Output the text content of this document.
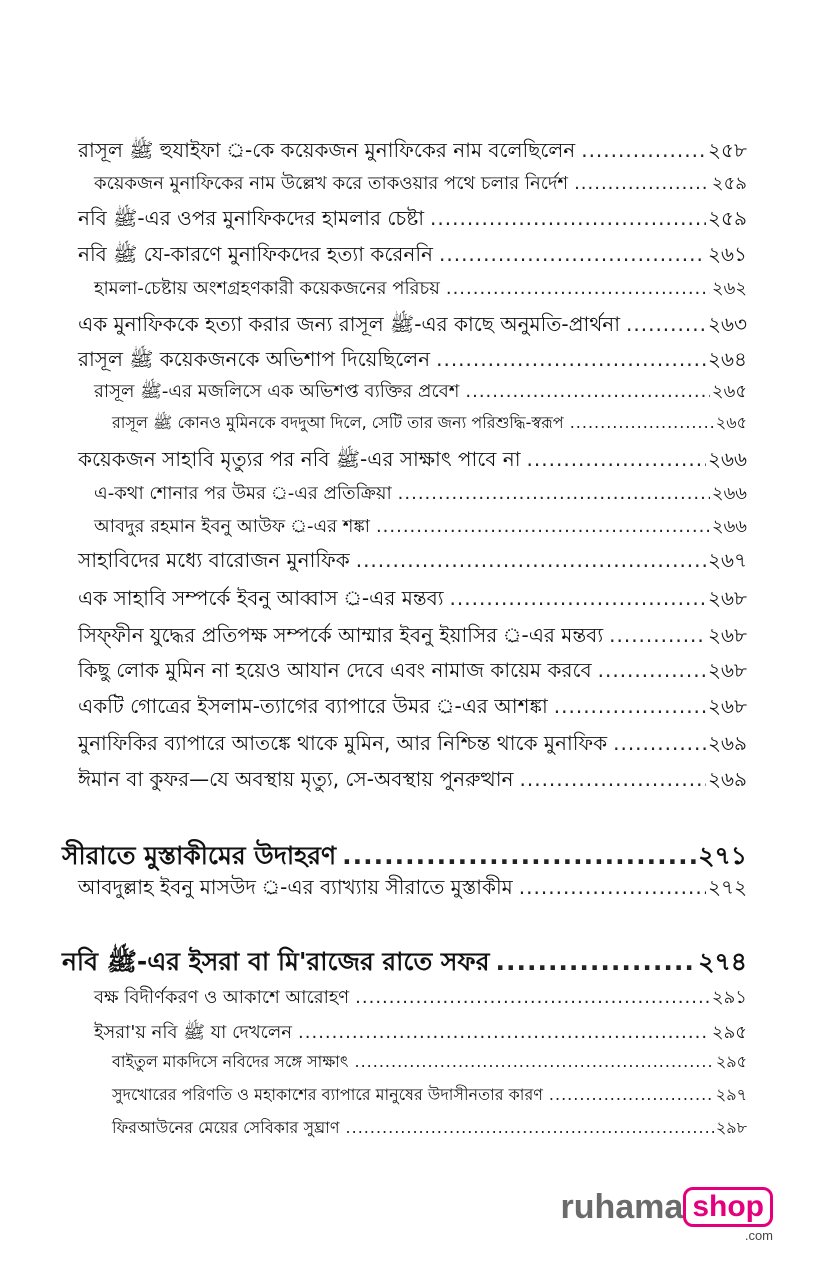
রাসূল ﷺ হুযাইফা ্র-কে কয়েকজন মুনাফিকের নাম বলেছিলেন .....	২৫৮
কয়েকজন মুনাফিকের নাম উল্লেখ করে তাকওয়ার পথে চলার নির্দেশ .....	২৫৯
নবি ﷺ-এর ওপর মুনাফিকদের হামলার চেষ্টা .....	২৫৯
নবি ﷺ যে-কারণে মুনাফিকদের হত্যা করেননি .....	২৬১
হামলা-চেষ্টায় অংশগ্রহণকারী কয়েকজনের পরিচয় .....	২৬২
এক মুনাফিককে হত্যা করার জন্য রাসূল ﷺ-এর কাছে অনুমতি-প্রার্থনা .....	২৬৩
রাসূল ﷺ কয়েকজনকে অভিশাপ দিয়েছিলেন .....	২৬৪
রাসূল ﷺ-এর মজলিসে এক অভিশপ্ত ব্যক্তির প্রবেশ .....	২৬৫
রাসূল ﷺ কোনও মুমিনকে বদদুআ দিলে, সেটি তার জন্য পরিশুদ্ধি-স্বরূপ .....	২৬৫
কয়েকজন সাহাবি মৃত্যুর পর নবি ﷺ-এর সাক্ষাৎ পাবে না .....	২৬৬
এ-কথা শোনার পর উমর ্র-এর প্রতিক্রিয়া .....	২৬৬
আবদুর রহমান ইবনু আউফ ্র-এর শঙ্কা .....	২৬৬
সাহাবিদের মধ্যে বারোজন মুনাফিক .....	২৬৭
এক সাহাবি সম্পর্কে ইবনু আব্বাস ্র-এর মন্তব্য .....	২৬৮
সিফ্ফীন যুদ্ধের প্রতিপক্ষ সম্পর্কে আম্মার ইবনু ইয়াসির ্র-এর মন্তব্য .....	২৬৮
কিছু লোক মুমিন না হয়েও আযান দেবে এবং নামাজ কায়েম করবে .....	২৬৮
একটি গোত্রের ইসলাম-ত্যাগের ব্যাপারে উমর ্র-এর আশঙ্কা .....	২৬৮
মুনাফিকির ব্যাপারে আতঙ্কে থাকে মুমিন, আর নিশ্চিন্ত থাকে মুনাফিক .....	২৬৯
ঈমান বা কুফর—যে অবস্থায় মৃত্যু, সে-অবস্থায় পুনরুত্থান .....	২৬৯
সীরাতে মুস্তাকীমের উদাহরণ .....	২৭১
আবদুল্লাহ ইবনু মাসউদ ্র-এর ব্যাখ্যায় সীরাতে মুস্তাকীম .....	২৭২
নবি ﷺ-এর ইসরা বা মি'রাজের রাতে সফর .....	২৭৪
বক্ষ বিদীর্ণকরণ ও আকাশে আরোহণ .....	২৯১
ইসরা'য় নবি ﷺ যা দেখলেন .....	২৯৫
বাইতুল মাকদিসে নবিদের সঙ্গে সাক্ষাৎ .....	২৯৫
সুদখোরের পরিণতি ও মহাকাশের ব্যাপারে মানুষের উদাসীনতার কারণ .....	২৯৭
ফিরআউনের মেয়ের সেবিকার সুঘ্রাণ .....	২৯৮
ruhama shop
.com
